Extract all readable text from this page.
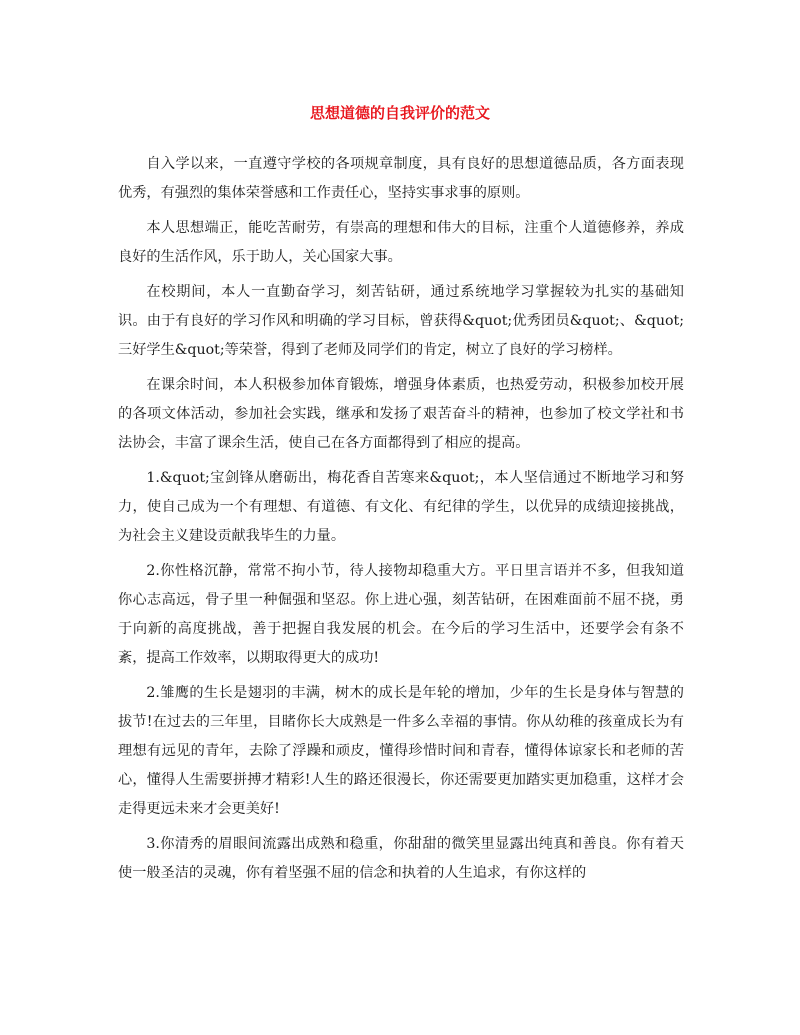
思想道德的自我评价的范文

自入学以来，一直遵守学校的各项规章制度，具有良好的思想道德品质，各方面表现优秀，有强烈的集体荣誉感和工作责任心，坚持实事求事的原则。

本人思想端正，能吃苦耐劳，有崇高的理想和伟大的目标，注重个人道德修养，养成良好的生活作风，乐于助人，关心国家大事。

在校期间，本人一直勤奋学习，刻苦钻研，通过系统地学习掌握较为扎实的基础知识。由于有良好的学习作风和明确的学习目标，曾获得&quot;优秀团员&quot;、&quot;三好学生&quot;等荣誉，得到了老师及同学们的肯定，树立了良好的学习榜样。

在课余时间，本人积极参加体育锻炼，增强身体素质，也热爱劳动，积极参加校开展的各项文体活动，参加社会实践，继承和发扬了艰苦奋斗的精神，也参加了校文学社和书法协会，丰富了课余生活，使自己在各方面都得到了相应的提高。

1.&quot;宝剑锋从磨砺出，梅花香自苦寒来&quot;，本人坚信通过不断地学习和努力，使自己成为一个有理想、有道德、有文化、有纪律的学生，以优异的成绩迎接挑战，为社会主义建设贡献我毕生的力量。

2.你性格沉静，常常不拘小节，待人接物却稳重大方。平日里言语并不多，但我知道你心志高远，骨子里一种倔强和坚忍。你上进心强，刻苦钻研，在困难面前不屈不挠，勇于向新的高度挑战，善于把握自我发展的机会。在今后的学习生活中，还要学会有条不紊，提高工作效率，以期取得更大的成功!

2.雏鹰的生长是翅羽的丰满，树木的成长是年轮的增加，少年的生长是身体与智慧的拔节!在过去的三年里，目睹你长大成熟是一件多么幸福的事情。你从幼稚的孩童成长为有理想有远见的青年，去除了浮躁和顽皮，懂得珍惜时间和青春，懂得体谅家长和老师的苦心，懂得人生需要拼搏才精彩!人生的路还很漫长，你还需要更加踏实更加稳重，这样才会走得更远未来才会更美好!

3.你清秀的眉眼间流露出成熟和稳重，你甜甜的微笑里显露出纯真和善良。你有着天使一般圣洁的灵魂，你有着坚强不屈的信念和执着的人生追求，有你这样的
